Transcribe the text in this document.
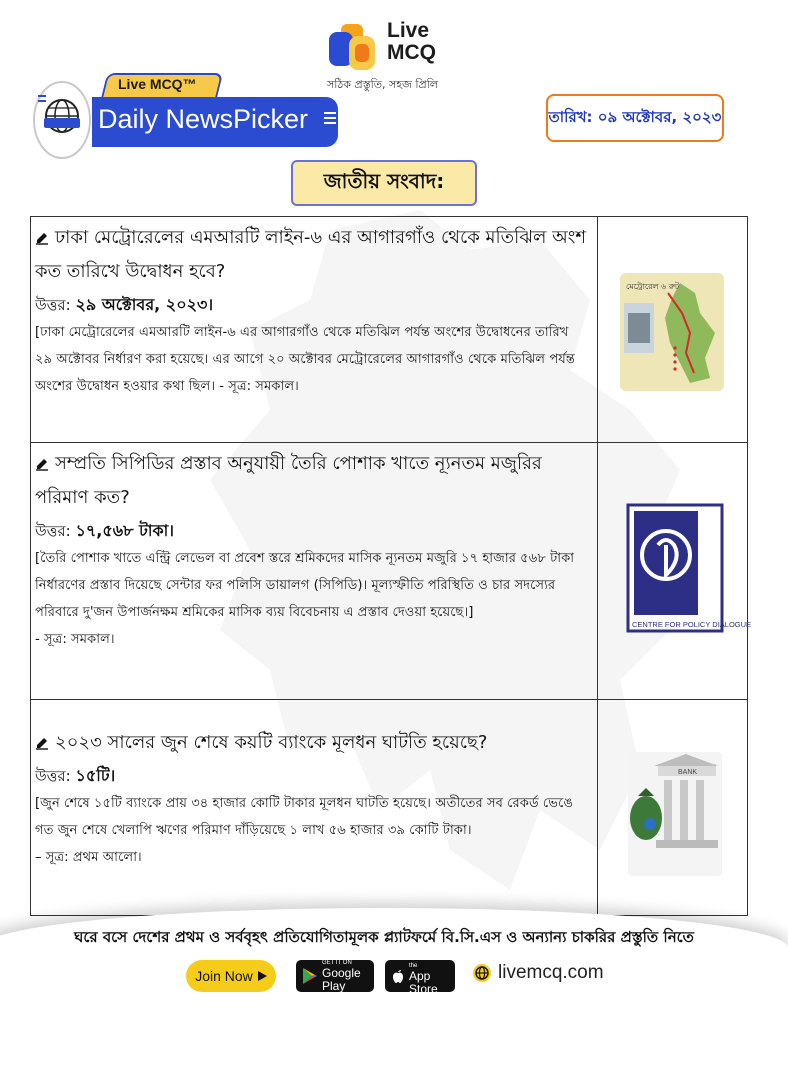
Live
MCQ
সঠিক প্রস্তুতি, সহজ প্রিলি
Live MCQ™
Daily NewsPicker	তারিখ: ০৯ অক্টোবর, ২০২৩
জাতীয় সংবাদ:

ঢাকা মেট্রোরেলের এমআরটি লাইন-৬ এর আগারগাঁও থেকে মতিঝিল অংশ কত তারিখে উদ্বোধন হবে?

উত্তর: ২৯ অক্টোবর, ২০২৩।

[ঢাকা মেট্রোরেলের এমআরটি লাইন-৬ এর আগারগাঁও থেকে মতিঝিল পর্যন্ত অংশের উদ্বোধনের তারিখ ২৯ অক্টোবর নির্ধারণ করা হয়েছে। এর আগে ২০ অক্টোবর মেট্রোরেলের আগারগাঁও থেকে মতিঝিল পর্যন্ত অংশের উদ্বোধন হওয়ার কথা ছিল। - সূত্র: সমকাল।

মেট্রোরেল ৬ রুট

সম্প্রতি সিপিডির প্রস্তাব অনুযায়ী তৈরি পোশাক খাতে ন্যূনতম মজুরির পরিমাণ কত?

উত্তর: ১৭,৫৬৮ টাকা।

[তৈরি পোশাক খাতে এন্ট্রি লেভেল বা প্রবেশ স্তরে শ্রমিকদের মাসিক ন্যূনতম মজুরি ১৭ হাজার ৫৬৮ টাকা নির্ধারণের প্রস্তাব দিয়েছে সেন্টার ফর পলিসি ডায়ালগ (সিপিডি)। মূল্যস্ফীতি পরিস্থিতি ও চার সদস্যের পরিবারে দু'জন উপার্জনক্ষম শ্রমিকের মাসিক ব্যয় বিবেচনায় এ প্রস্তাব দেওয়া হয়েছে।]

- সূত্র: সমকাল।

CENTRE FOR POLICY DIALOGUE

২০২৩ সালের জুন শেষে কয়টি ব্যাংকে মূলধন ঘাটতি হয়েছে?

উত্তর: ১৫টি।

[জুন শেষে ১৫টি ব্যাংকে প্রায় ৩৪ হাজার কোটি টাকার মূলধন ঘাটতি হয়েছে। অতীতের সব রেকর্ড ভেঙে গত জুন শেষে খেলাপি ঋণের পরিমাণ দাঁড়িয়েছে ১ লাখ ৫৬ হাজার ৩৯ কোটি টাকা।

– সূত্র: প্রথম আলো।

BANK
ঘরে বসে দেশের প্রথম ও সর্ববৃহৎ প্রতিযোগিতামূলক প্ল্যাটফর্মে বি.সি.এস ও অন্যান্য চাকরির প্রস্তুতি নিতে
Join Now
GET IT ON
Google Play
Download on the
App Store
livemcq.com
